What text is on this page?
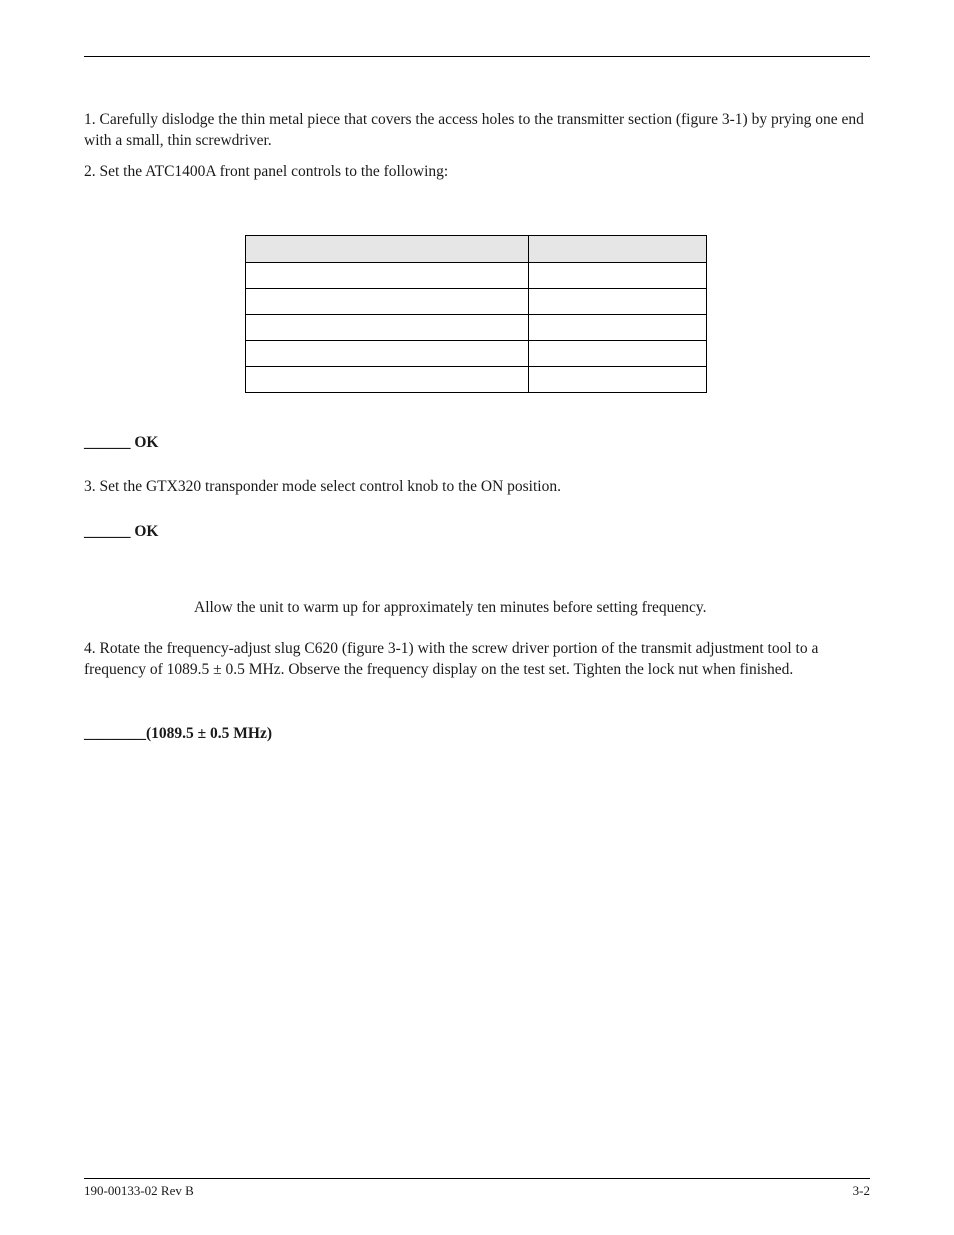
1. Carefully dislodge the thin metal piece that covers the access holes to the transmitter section (figure 3-1) by prying one end with a small, thin screwdriver.

2. Set the ATC1400A front panel controls to the following:

______ OK

3. Set the GTX320 transponder mode select control knob to the ON position.

______ OK

Allow the unit to warm up for approximately ten minutes before setting frequency.

4. Rotate the frequency-adjust slug C620 (figure 3-1) with the screw driver portion of the transmit adjustment tool to a frequency of 1089.5 ± 0.5 MHz. Observe the frequency display on the test set. Tighten the lock nut when finished.

________(1089.5 ± 0.5 MHz)

190-00133-02 Rev B	3-2
